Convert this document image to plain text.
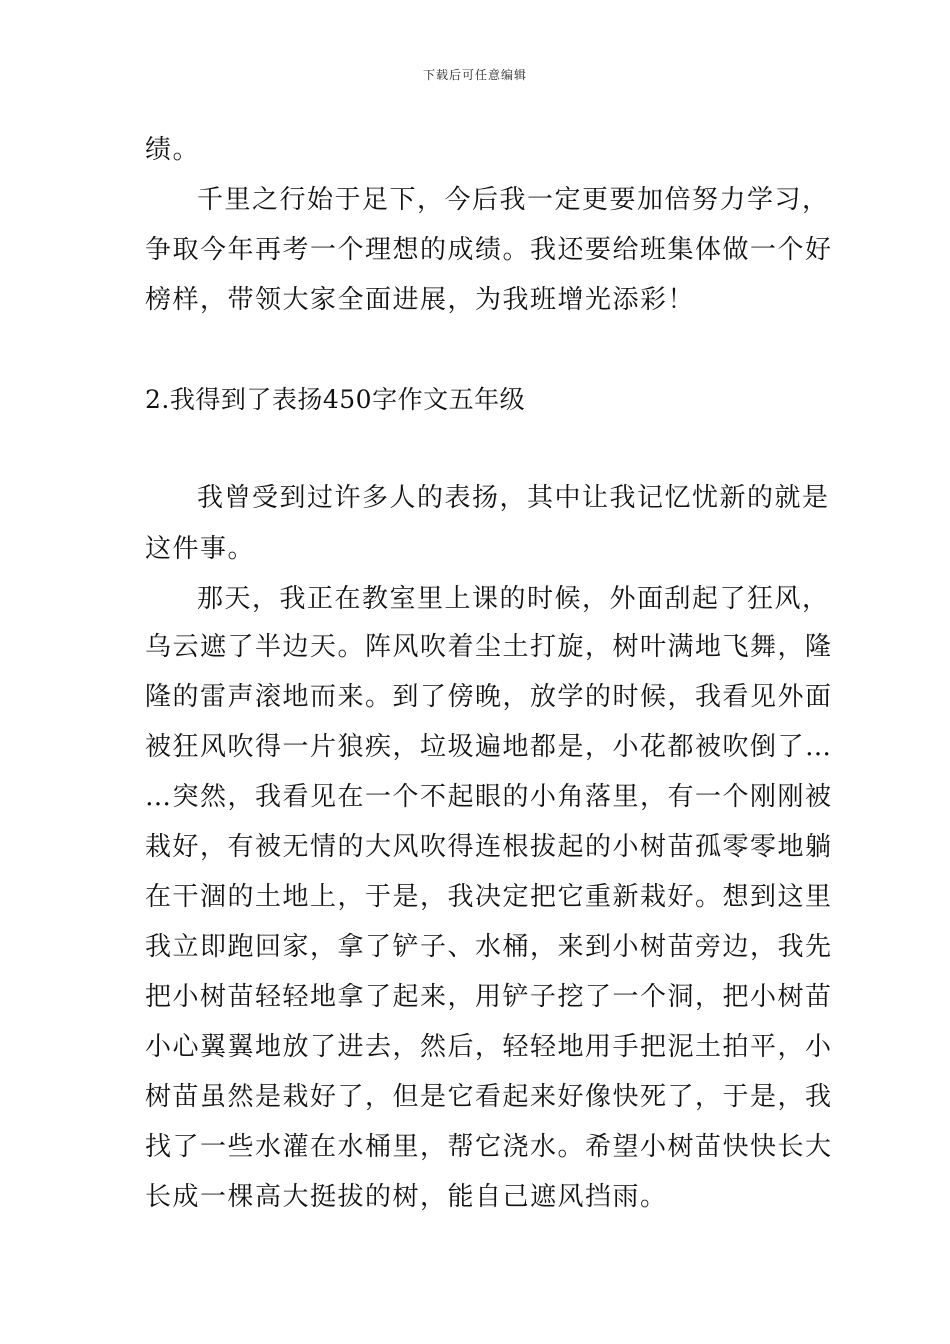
下载后可任意编辑
绩。
千里之行始于足下，今后我一定更要加倍努力学习，
争取今年再考一个理想的成绩。我还要给班集体做一个好
榜样，带领大家全面进展，为我班增光添彩！
2.我得到了表扬450字作文五年级
我曾受到过许多人的表扬，其中让我记忆忧新的就是
这件事。
那天，我正在教室里上课的时候，外面刮起了狂风，
乌云遮了半边天。阵风吹着尘土打旋，树叶满地飞舞，隆
隆的雷声滚地而来。到了傍晚，放学的时候，我看见外面
被狂风吹得一片狼疾，垃圾遍地都是，小花都被吹倒了…
…突然，我看见在一个不起眼的小角落里，有一个刚刚被
栽好，有被无情的大风吹得连根拔起的小树苗孤零零地躺
在干涸的土地上，于是，我决定把它重新栽好。想到这里
我立即跑回家，拿了铲子、水桶，来到小树苗旁边，我先
把小树苗轻轻地拿了起来，用铲子挖了一个洞，把小树苗
小心翼翼地放了进去，然后，轻轻地用手把泥土拍平，小
树苗虽然是栽好了，但是它看起来好像快死了，于是，我
找了一些水灌在水桶里，帮它浇水。希望小树苗快快长大
长成一棵高大挺拔的树，能自己遮风挡雨。
